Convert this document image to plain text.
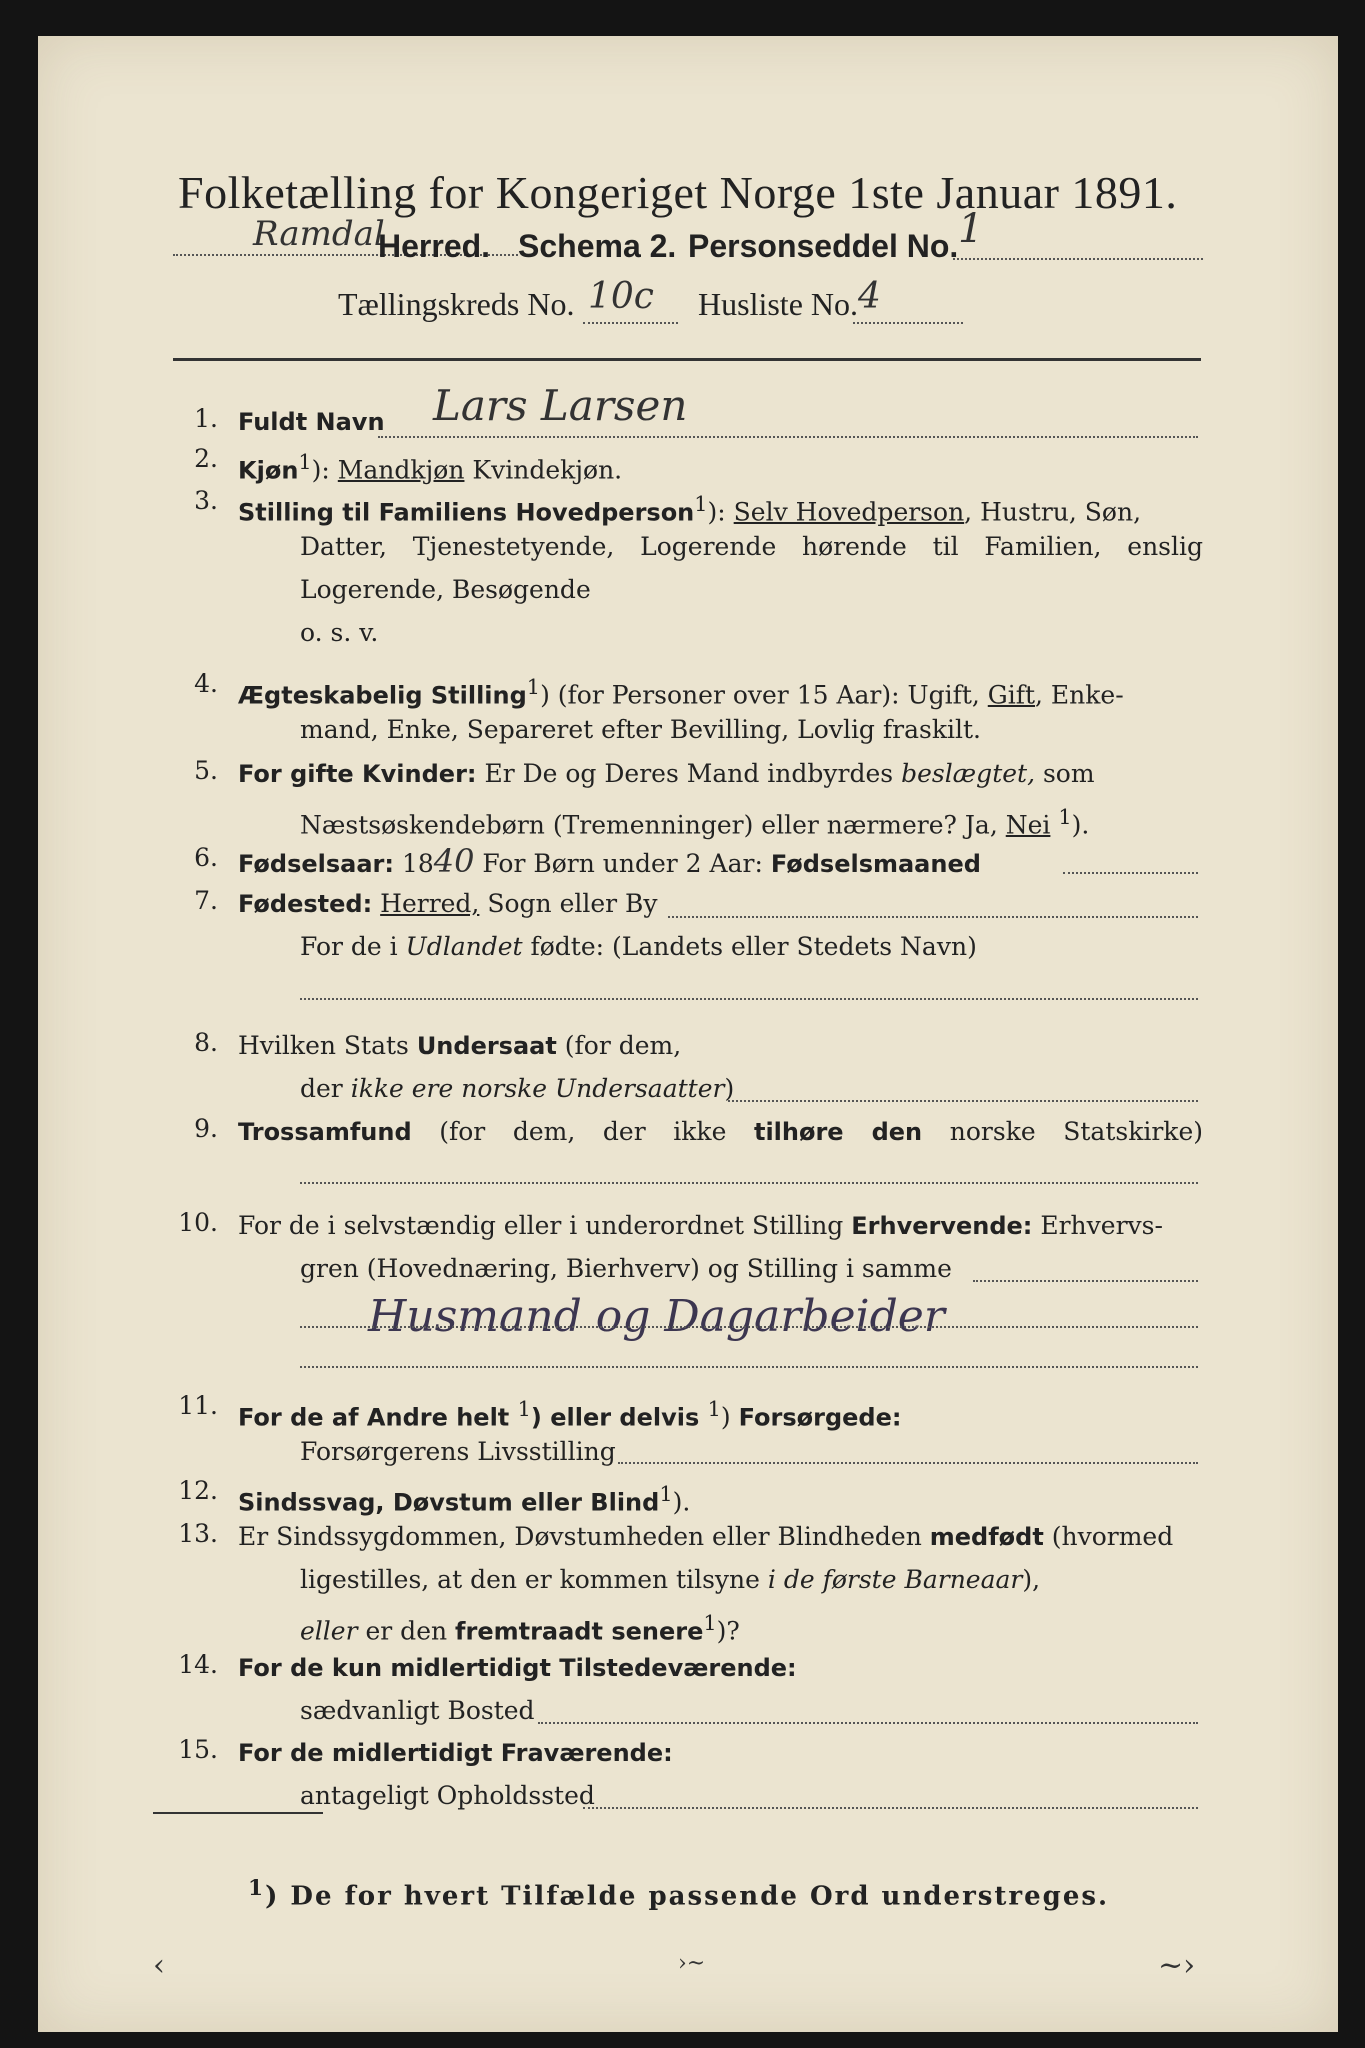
Folketælling for Kongeriget Norge 1ste Januar 1891.
Ramdal
Herred. Schema 2. Personseddel No. 1
Tællingskreds No. 10c Husliste No. 4
1. Fuldt Navn Lars Larsen
2. Kjøn$^1$): Mandkjøn Kvindekjøn.
3. Stilling til Familiens Hovedperson$^1$): Selv Hovedperson, Hustru, Søn,
Datter, Tjenestetyende, Logerende hørende til Familien, enslig
Logerende, Besøgende
o. s. v.
4. Ægteskabelig Stilling$^1$) (for Personer over 15 Aar): Ugift, Gift, Enke-
mand, Enke, Separeret efter Bevilling, Lovlig fraskilt.
5. For gifte Kvinder: Er De og Deres Mand indbyrdes beslægtet, som
Næstsøskendebørn (Tremenninger) eller nærmere? Ja, Nei $^1$).
6. Fødselsaar: 1840 For Børn under 2 Aar: Fødselsmaaned
7. Fødested: Herred, Sogn eller By
For de i Udlandet fødte: (Landets eller Stedets Navn)
8. Hvilken Stats Undersaat (for dem,
der ikke ere norske Undersaatter)
9. Trossamfund (for dem, der ikke tilhøre den norske Statskirke)
10. For de i selvstændig eller i underordnet Stilling Erhvervende: Erhvervs-
gren (Hovednæring, Bierhverv) og Stilling i samme
Husmand og Dagarbeider
11. For de af Andre helt $^1$) eller delvis $^1$) Forsørgede:
Forsørgerens Livsstilling
12. Sindssvag, Døvstum eller Blind$^1$).
13. Er Sindssygdommen, Døvstumheden eller Blindheden medfødt (hvormed
ligestilles, at den er kommen tilsyne i de første Barneaar),
eller er den fremtraadt senere$^1$)?
14. For de kun midlertidigt Tilstedeværende:
sædvanligt Bosted
15. For de midlertidigt Fraværende:
antageligt Opholdssted
$^1$) De for hvert Tilfælde passende Ord understreges.
‹	›~	~›
